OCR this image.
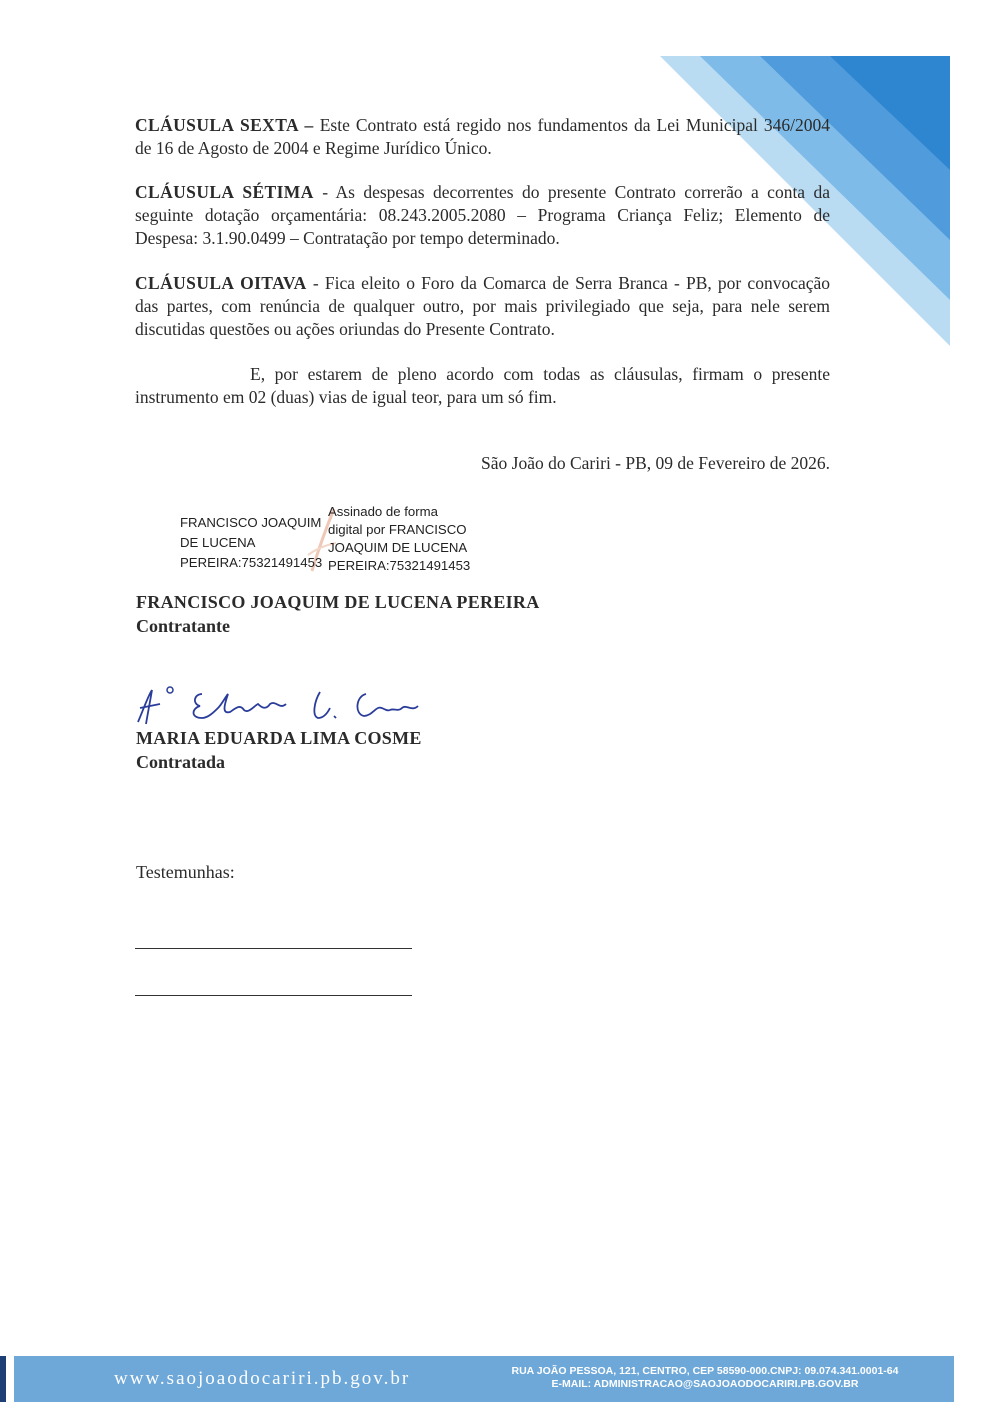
CLÁUSULA SEXTA – Este Contrato está regido nos fundamentos da Lei Municipal 346/2004 de 16 de Agosto de 2004 e Regime Jurídico Único.
CLÁUSULA SÉTIMA - As despesas decorrentes do presente Contrato correrão a conta da seguinte dotação orçamentária: 08.243.2005.2080 – Programa Criança Feliz; Elemento de Despesa: 3.1.90.0499 – Contratação por tempo determinado.
CLÁUSULA OITAVA - Fica eleito o Foro da Comarca de Serra Branca - PB, por convocação das partes, com renúncia de qualquer outro, por mais privilegiado que seja, para nele serem discutidas questões ou ações oriundas do Presente Contrato.
E, por estarem de pleno acordo com todas as cláusulas, firmam o presente instrumento em 02 (duas) vias de igual teor, para um só fim.
São João do Cariri - PB, 09 de Fevereiro de 2026.
FRANCISCO JOAQUIM
DE LUCENA
PEREIRA:75321491453
Assinado de forma
digital por FRANCISCO
JOAQUIM DE LUCENA
PEREIRA:75321491453
FRANCISCO JOAQUIM DE LUCENA PEREIRA
Contratante
MARIA EDUARDA LIMA COSME
Contratada
Testemunhas:
www.saojoaodocariri.pb.gov.br	RUA JOÃO PESSOA, 121, CENTRO, CEP 58590-000.CNPJ: 09.074.341.0001-64
E-MAIL: ADMINISTRACAO@SAOJOAODOCARIRI.PB.GOV.BR
